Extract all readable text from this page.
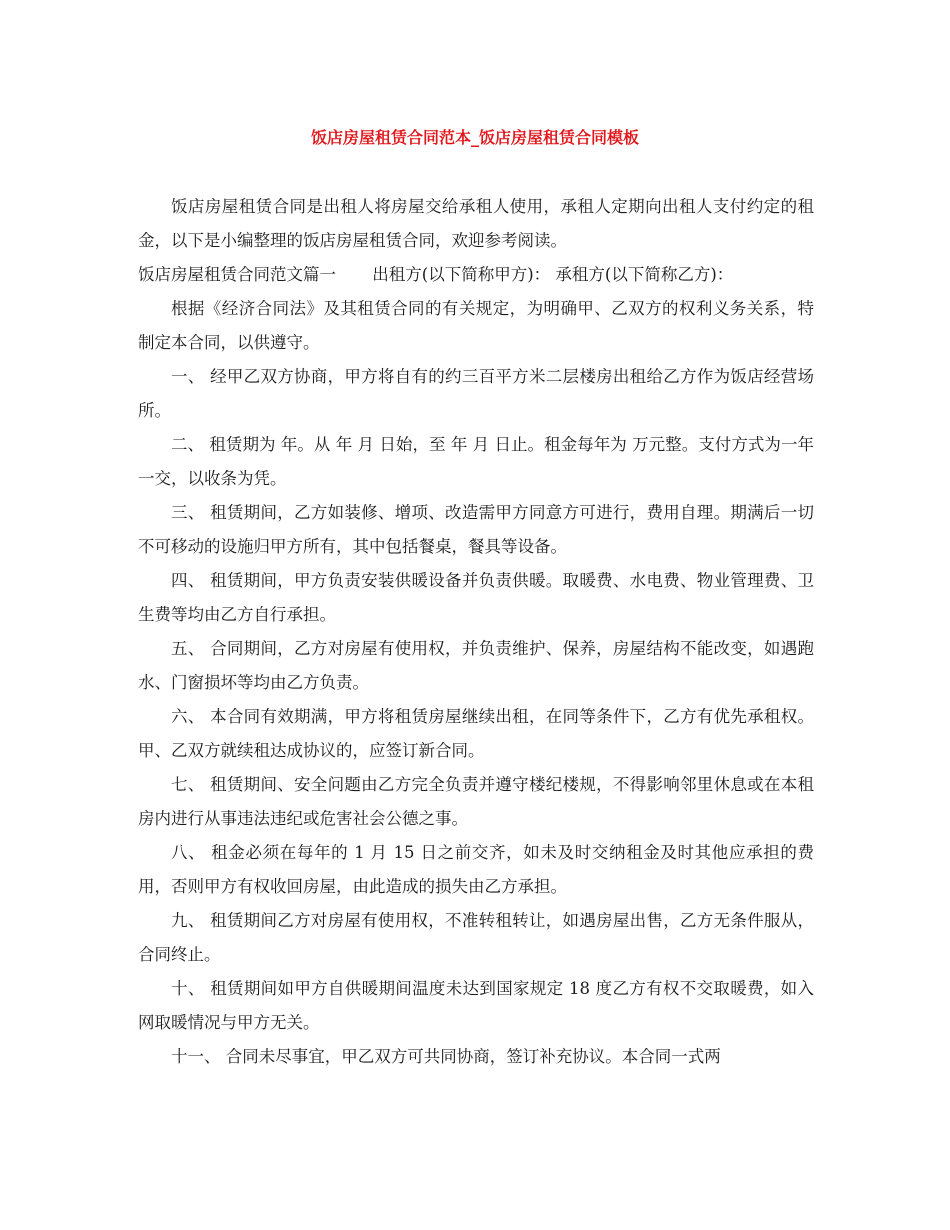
饭店房屋租赁合同范本_饭店房屋租赁合同模板

饭店房屋租赁合同是出租人将房屋交给承租人使用，承租人定期向出租人支付约定的租金，以下是小编整理的饭店房屋租赁合同，欢迎参考阅读。

饭店房屋租赁合同范文篇一 出租方(以下简称甲方)： 承租方(以下简称乙方)：

根据《经济合同法》及其租赁合同的有关规定，为明确甲、乙双方的权利义务关系，特制定本合同，以供遵守。

一、 经甲乙双方协商，甲方将自有的约三百平方米二层楼房出租给乙方作为饭店经营场所。

二、 租赁期为 年。从 年 月 日始，至 年 月 日止。租金每年为 万元整。支付方式为一年一交，以收条为凭。

三、 租赁期间，乙方如装修、增项、改造需甲方同意方可进行，费用自理。期满后一切不可移动的设施归甲方所有，其中包括餐桌，餐具等设备。

四、 租赁期间，甲方负责安装供暖设备并负责供暖。取暖费、水电费、物业管理费、卫生费等均由乙方自行承担。

五、 合同期间，乙方对房屋有使用权，并负责维护、保养，房屋结构不能改变，如遇跑水、门窗损坏等均由乙方负责。

六、 本合同有效期满，甲方将租赁房屋继续出租，在同等条件下，乙方有优先承租权。甲、乙双方就续租达成协议的，应签订新合同。

七、 租赁期间、安全问题由乙方完全负责并遵守楼纪楼规，不得影响邻里休息或在本租房内进行从事违法违纪或危害社会公德之事。

八、 租金必须在每年的 1 月 15 日之前交齐，如未及时交纳租金及时其他应承担的费用，否则甲方有权收回房屋，由此造成的损失由乙方承担。

九、 租赁期间乙方对房屋有使用权，不准转租转让，如遇房屋出售，乙方无条件服从，合同终止。

十、 租赁期间如甲方自供暖期间温度未达到国家规定 18 度乙方有权不交取暖费，如入网取暖情况与甲方无关。

十一、 合同未尽事宜，甲乙双方可共同协商，签订补充协议。本合同一式两
